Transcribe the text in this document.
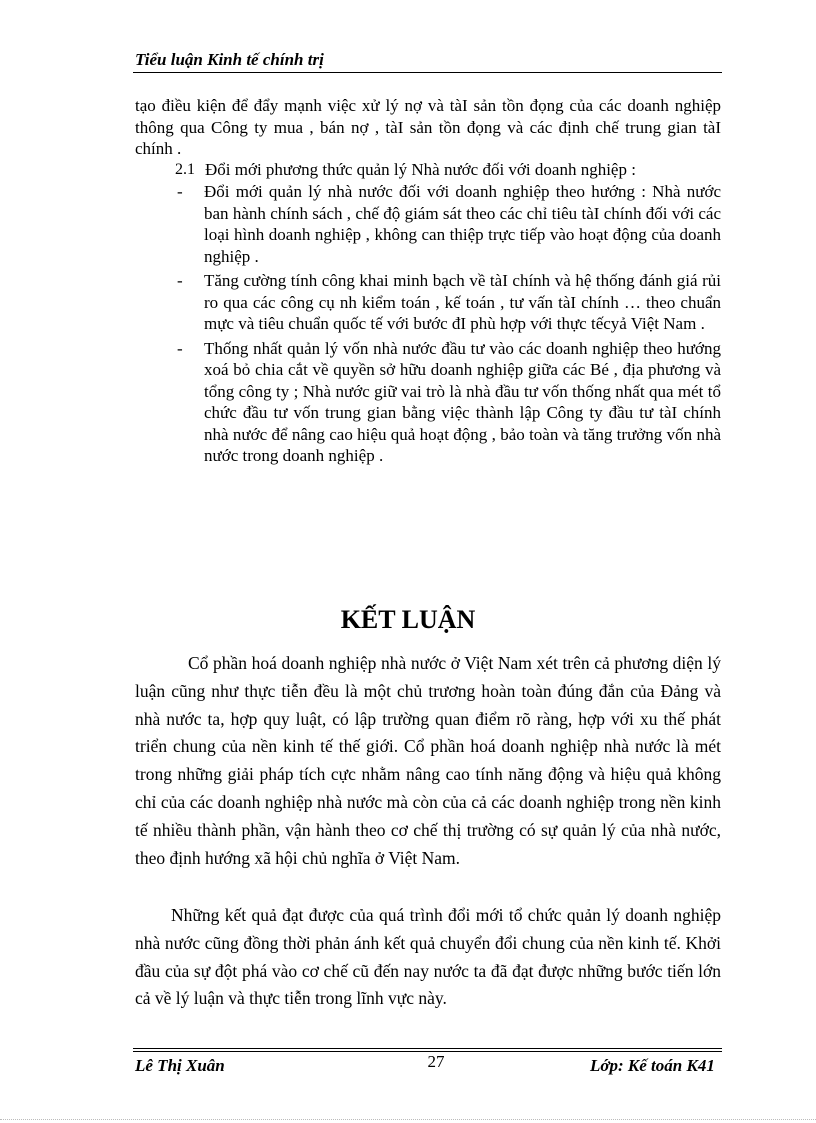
Tiểu luận Kinh tế chính trị
tạo điều kiện để đẩy mạnh việc xử lý nợ và tàI sản tồn đọng của các doanh nghiệp thông qua Công ty mua , bán nợ , tàI sản tồn đọng và các định chế trung gian tàI chính .
2.1 Đổi mới phương thức quản lý Nhà nước đối với doanh nghiệp :
- Đổi mới quản lý nhà nước đối với doanh nghiệp theo hướng : Nhà nước ban hành chính sách , chế độ giám sát theo các chỉ tiêu tàI chính đối với các loại hình doanh nghiệp , không can thiệp trực tiếp vào hoạt động của doanh nghiệp .
- Tăng cường tính công khai minh bạch về tàI chính và hệ thống đánh giá rủi ro qua các công cụ nh kiểm toán , kế toán , tư vấn tàI chính … theo chuẩn mực và tiêu chuẩn quốc tế với bước đI phù hợp với thực tếcyả Việt Nam .
- Thống nhất quản lý vốn nhà nước đầu tư vào các doanh nghiệp theo hướng xoá bỏ chia cắt về quyền sở hữu doanh nghiệp giữa các Bé , địa phương và tổng công ty ; Nhà nước giữ vai trò là nhà đầu tư vốn thống nhất qua mét tổ chức đầu tư vốn trung gian bằng việc thành lập Công ty đầu tư tàI chính nhà nước để nâng cao hiệu quả hoạt động , bảo toàn và tăng trưởng vốn nhà nước trong doanh nghiệp .
KẾT LUẬN

Cổ phần hoá doanh nghiệp nhà nước ở Việt Nam xét trên cả phương diện lý luận cũng như thực tiễn đều là một chủ trương hoàn toàn đúng đắn của Đảng và nhà nước ta, hợp quy luật, có lập trường quan điểm rõ ràng, hợp với xu thế phát triển chung của nền kinh tế thế giới. Cổ phần hoá doanh nghiệp nhà nước là mét trong những giải pháp tích cực nhằm nâng cao tính năng động và hiệu quả không chỉ của các doanh nghiệp nhà nước mà còn của cả các doanh nghiệp trong nền kinh tế nhiều thành phần, vận hành theo cơ chế thị trường có sự quản lý của nhà nước, theo định hướng xã hội chủ nghĩa ở Việt Nam.

Những kết quả đạt được của quá trình đổi mới tổ chức quản lý doanh nghiệp nhà nước cũng đồng thời phản ánh kết quả chuyển đổi chung của nền kinh tế. Khởi đầu của sự đột phá vào cơ chế cũ đến nay nước ta đã đạt được những bước tiến lớn cả về lý luận và thực tiễn trong lĩnh vực này.

Lê Thị Xuân	27	Lớp: Kế toán K41
